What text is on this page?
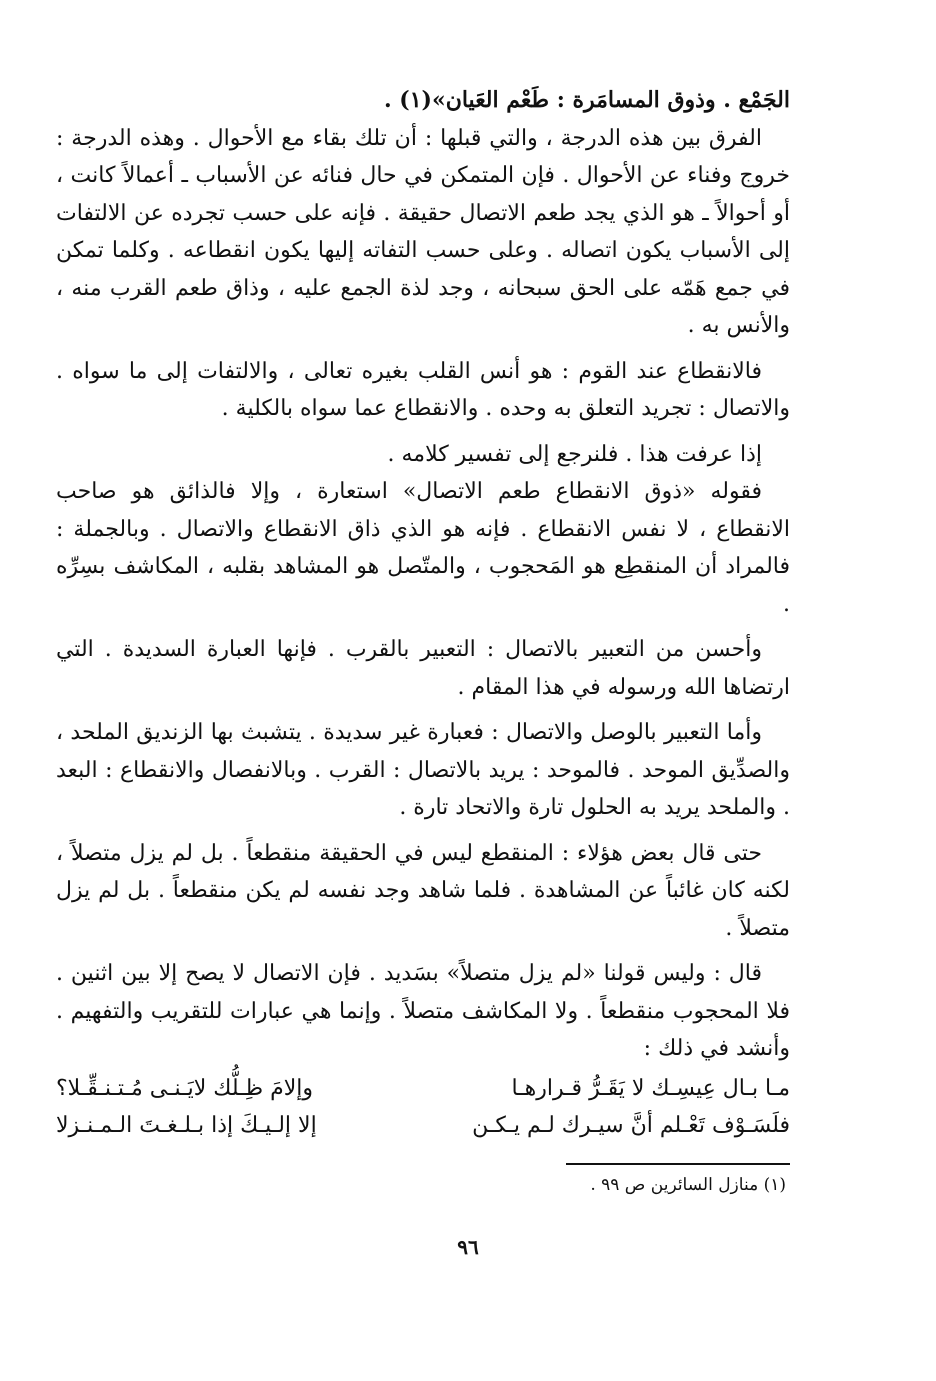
الجَمْع . وذوق المسامَرة : طَعْم العَيان»(١) .

الفرق بين هذه الدرجة ، والتي قبلها : أن تلك بقاء مع الأحوال . وهذه الدرجة : خروج وفناء عن الأحوال . فإن المتمكن في حال فنائه عن الأسباب ـ أعمالاً كانت ، أو أحوالاً ـ هو الذي يجد طعم الاتصال حقيقة . فإنه على حسب تجرده عن الالتفات إلى الأسباب يكون اتصاله . وعلى حسب التفاته إليها يكون انقطاعه . وكلما تمكن في جمع هَمّه على الحق سبحانه ، وجد لذة الجمع عليه ، وذاق طعم القرب منه ، والأنس به .

فالانقطاع عند القوم : هو أنس القلب بغيره تعالى ، والالتفات إلى ما سواه . والاتصال : تجريد التعلق به وحده . والانقطاع عما سواه بالكلية .

إذا عرفت هذا . فلنرجع إلى تفسير كلامه .

فقوله «ذوق الانقطاع طعم الاتصال» استعارة ، وإلا فالذائق هو صاحب الانقطاع ، لا نفس الانقطاع . فإنه هو الذي ذاق الانقطاع والاتصال . وبالجملة : فالمراد أن المنقطِع هو المَحجوب ، والمتّصل هو المشاهد بقلبه ، المكاشف بسِرِّه .

وأحسن من التعبير بالاتصال : التعبير بالقرب . فإنها العبارة السديدة . التي ارتضاها الله ورسوله في هذا المقام .

وأما التعبير بالوصل والاتصال : فعبارة غير سديدة . يتشبث بها الزنديق الملحد ، والصدِّيق الموحد . فالموحد : يريد بالاتصال : القرب . وبالانفصال والانقطاع : البعد . والملحد يريد به الحلول تارة والاتحاد تارة .

حتى قال بعض هؤلاء : المنقطع ليس في الحقيقة منقطعاً . بل لم يزل متصلاً ، لكنه كان غائباً عن المشاهدة . فلما شاهد وجد نفسه لم يكن منقطعاً . بل لم يزل متصلاً .

قال : وليس قولنا «لم يزل متصلاً» بسَديد . فإن الاتصال لا يصح إلا بين اثنين . فلا المحجوب منقطعاً . ولا المكاشف متصلاً . وإنما هي عبارات للتقريب والتفهيم . وأنشد في ذلك :

مـا بـال عِيسِـك لا يَقَـرُّ قـرارهـا
وإلامَ ظِـلُّك لايَـنـى مُـتـنـقِّـلا؟
فلَسَـوْف تَعْـلم أنَّ سيـرك لـم يـكـن
إلا إلـيـكَ إذا بـلـغـتَ الـمـنـزلا
(١) منازل السائرين ص ٩٩ .
٩٦
